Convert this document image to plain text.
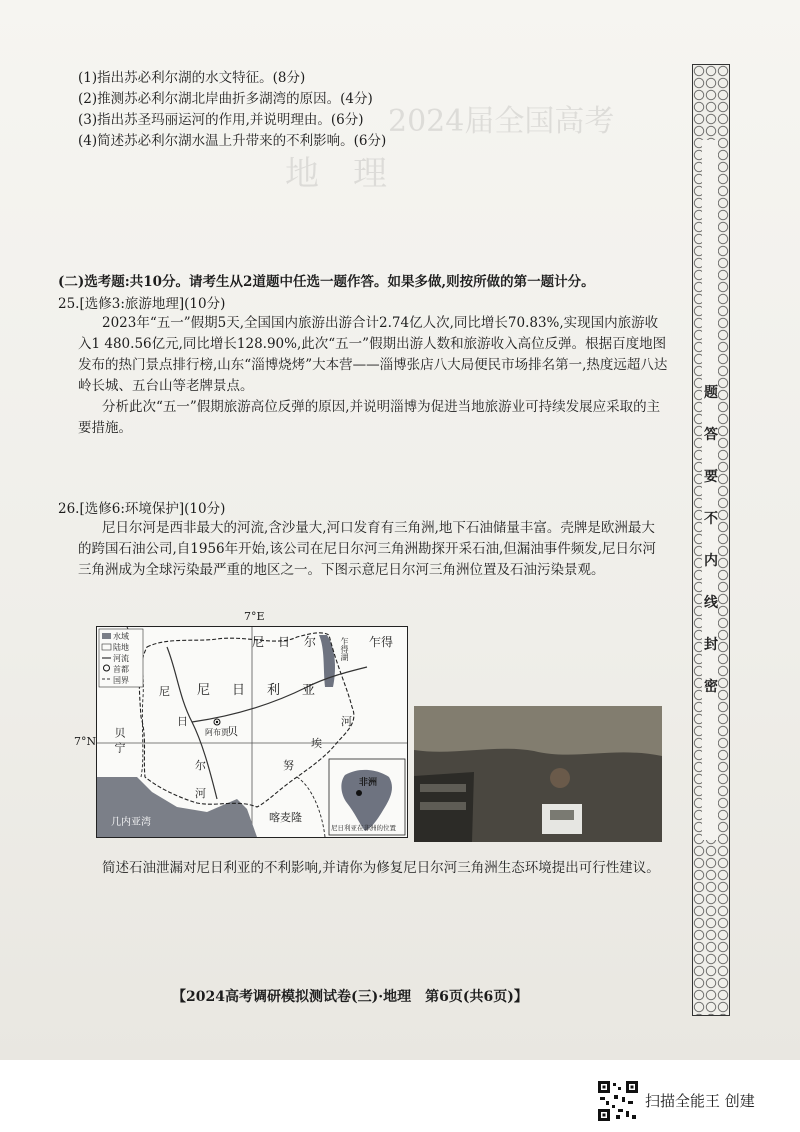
2024届全国高考
地　理
(1)指出苏必利尔湖的水文特征。(8分)
(2)推测苏必利尔湖北岸曲折多湖湾的原因。(4分)
(3)指出苏圣玛丽运河的作用,并说明理由。(6分)
(4)简述苏必利尔湖水温上升带来的不利影响。(6分)
(二)选考题:共10分。请考生从2道题中任选一题作答。如果多做,则按所做的第一题计分。
25.[选修3:旅游地理](10分)
2023年“五一”假期5天,全国国内旅游出游合计2.74亿人次,同比增长70.83%,实现国内旅游收入1 480.56亿元,同比增长128.90%,此次“五一”假期出游人数和旅游收入高位反弹。根据百度地图发布的热门景点排行榜,山东“淄博烧烤”大本营——淄博张店八大局便民市场排名第一,热度远超八达岭长城、五台山等老牌景点。
分析此次“五一”假期旅游高位反弹的原因,并说明淄博为促进当地旅游业可持续发展应采取的主要措施。
26.[选修6:环境保护](10分)
尼日尔河是西非最大的河流,含沙量大,河口发育有三角洲,地下石油储量丰富。壳牌是欧洲最大的跨国石油公司,自1956年开始,该公司在尼日尔河三角洲勘探开采石油,但漏油事件频发,尼日尔河三角洲成为全球污染最严重的地区之一。下图示意尼日尔河三角洲位置及石油污染景观。
7°E
7°N
水域
陆地
河流
首都
国界
尼日尔	乍得
乍得湖
尼日利亚
贝宁	阿布贾
喀麦隆
几内亚湾
尼
日
尔
河
贝
努
埃
河
非洲
尼日利亚在非洲的位置
简述石油泄漏对尼日利亚的不利影响,并请你为修复尼日尔河三角洲生态环境提出可行性建议。
密
封
线
内
不
要
答
题
【2024高考调研模拟测试卷(三)·地理　第6页(共6页)】
扫描全能王 创建
